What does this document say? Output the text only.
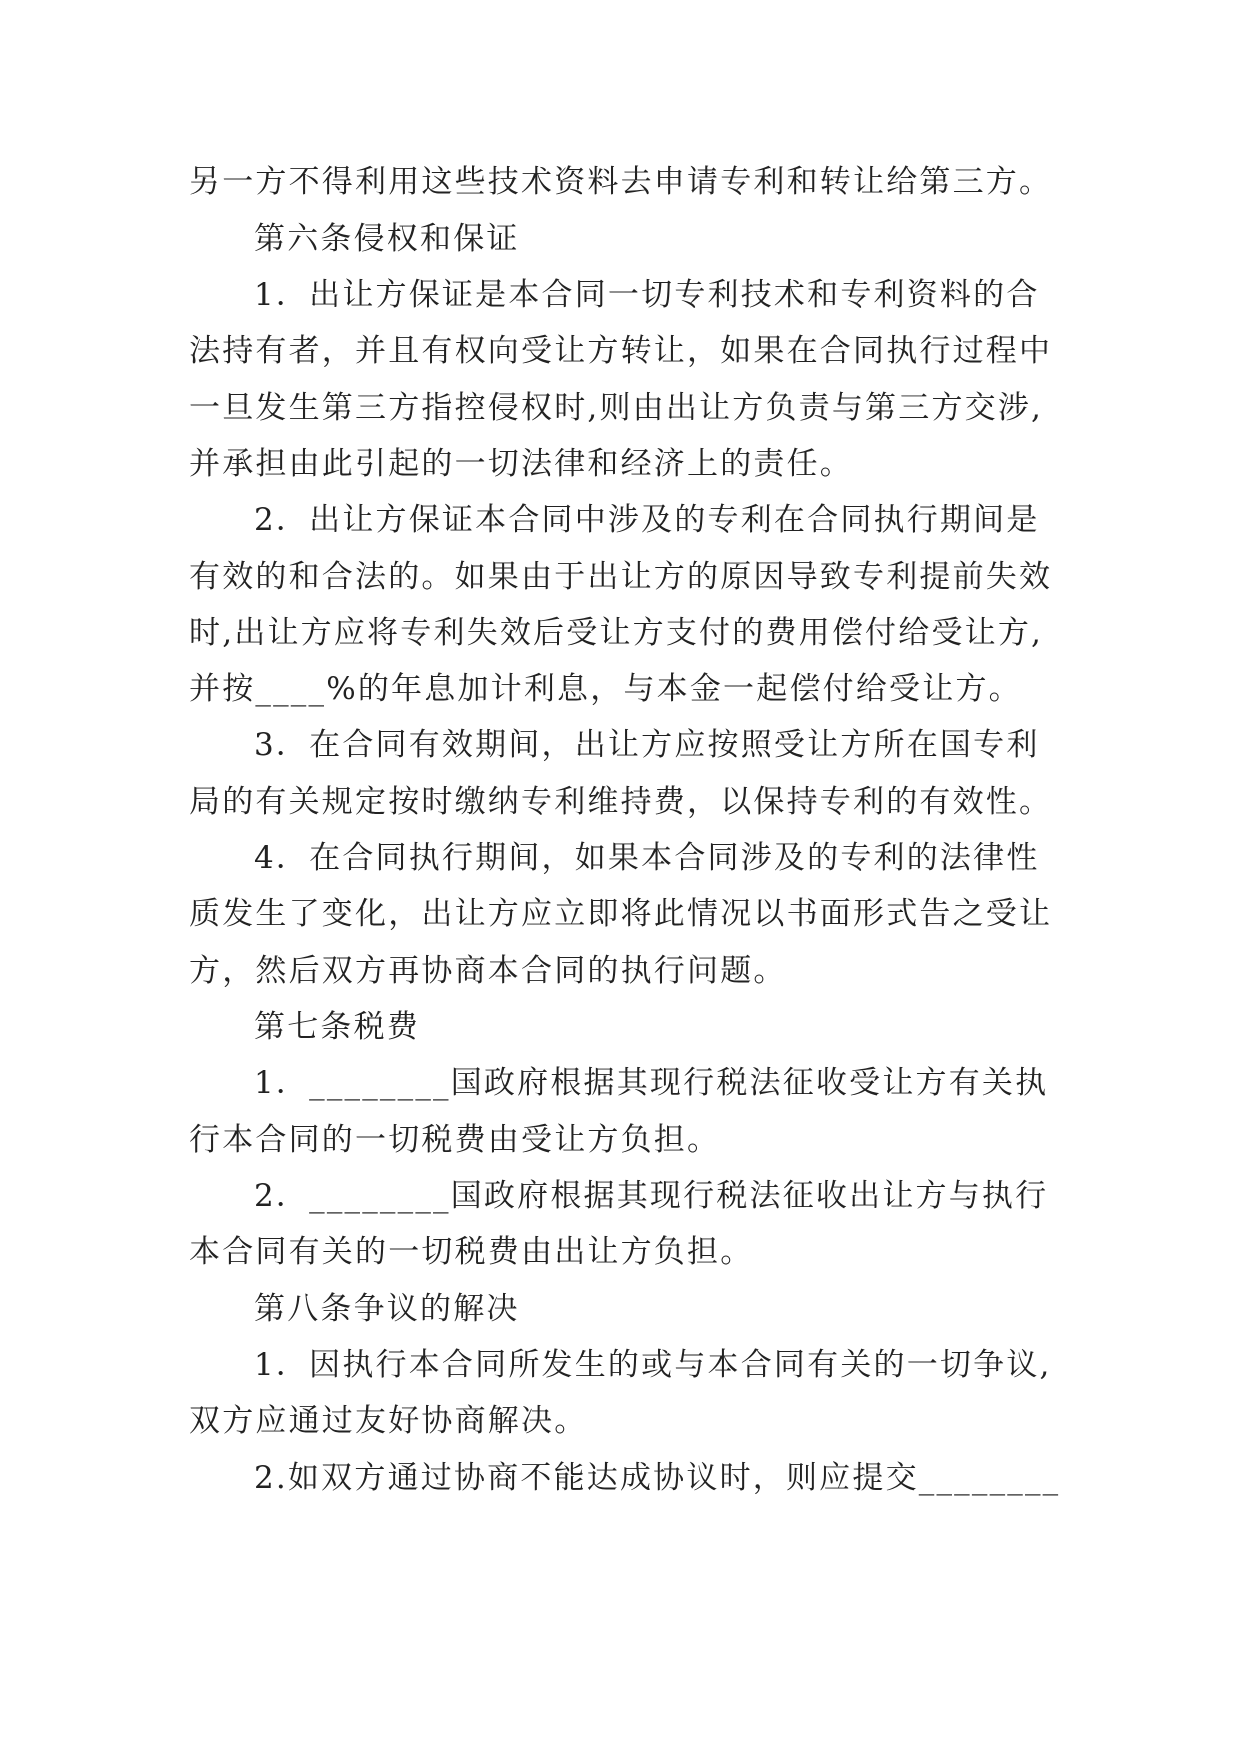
另一方不得利用这些技术资料去申请专利和转让给第三方。
第六条侵权和保证
1．出让方保证是本合同一切专利技术和专利资料的合
法持有者，并且有权向受让方转让，如果在合同执行过程中
一旦发生第三方指控侵权时,则由出让方负责与第三方交涉,
并承担由此引起的一切法律和经济上的责任。
2．出让方保证本合同中涉及的专利在合同执行期间是
有效的和合法的。如果由于出让方的原因导致专利提前失效
时,出让方应将专利失效后受让方支付的费用偿付给受让方,
并按____%的年息加计利息，与本金一起偿付给受让方。
3．在合同有效期间，出让方应按照受让方所在国专利
局的有关规定按时缴纳专利维持费，以保持专利的有效性。
4．在合同执行期间，如果本合同涉及的专利的法律性
质发生了变化，出让方应立即将此情况以书面形式告之受让
方，然后双方再协商本合同的执行问题。
第七条税费
1．________国政府根据其现行税法征收受让方有关执
行本合同的一切税费由受让方负担。
2．________国政府根据其现行税法征收出让方与执行
本合同有关的一切税费由出让方负担。
第八条争议的解决
1．因执行本合同所发生的或与本合同有关的一切争议,
双方应通过友好协商解决。
2.如双方通过协商不能达成协议时，则应提交________
